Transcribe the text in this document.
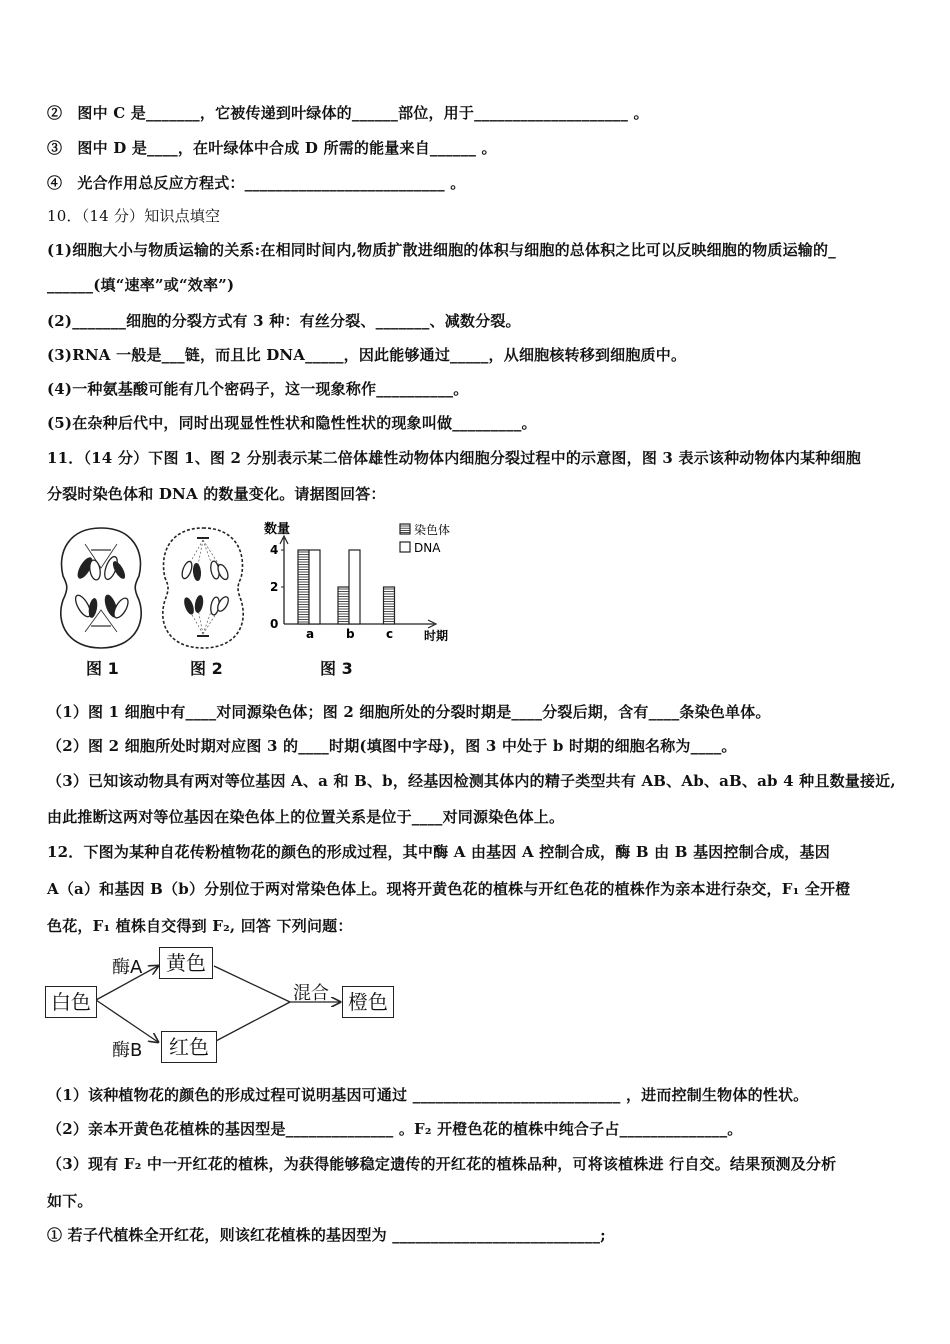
②　图中 C 是_______，它被传递到叶绿体的______部位，用于____________________ 。
③　图中 D 是____，在叶绿体中合成 D 所需的能量来自______ 。
④　光合作用总反应方程式：__________________________ 。
10．（14 分）知识点填空
(1)细胞大小与物质运输的关系:在相同时间内,物质扩散进细胞的体积与细胞的总体积之比可以反映细胞的物质运输的_
______(填“速率”或“效率”)
(2)_______细胞的分裂方式有 3 种：有丝分裂、_______、减数分裂。
(3)RNA 一般是___链，而且比 DNA_____，因此能够通过_____，从细胞核转移到细胞质中。
(4)一种氨基酸可能有几个密码子，这一现象称作__________。
(5)在杂种后代中，同时出现显性性状和隐性性状的现象叫做_________。
11．（14 分）下图 1、图 2 分别表示某二倍体雄性动物体内细胞分裂过程中的示意图，图 3 表示该种动物体内某种细胞
分裂时染色体和 DNA 的数量变化。请据图回答：
图 1	图 2
数量
时期
0
2
4
a	b	c
染色体
DNA
图 3
（1）图 1 细胞中有____对同源染色体；图 2 细胞所处的分裂时期是____分裂后期，含有____条染色单体。
（2）图 2 细胞所处时期对应图 3 的____时期(填图中字母)，图 3 中处于 b 时期的细胞名称为____。
（3）已知该动物具有两对等位基因 A、a 和 B、b，经基因检测其体内的精子类型共有 AB、Ab、aB、ab 4 种且数量接近,
由此推断这两对等位基因在染色体上的位置关系是位于____对同源染色体上。
12．下图为某种自花传粉植物花的颜色的形成过程，其中酶 A 由基因 A 控制合成，酶 B 由 B 基因控制合成，基因
A（a）和基因 B（b）分别位于两对常染色体上。现将开黄色花的植株与开红色花的植株作为亲本进行杂交，F₁ 全开橙
色花，F₁ 植株自交得到 F₂, 回答 下列问题：
白色
黄色
红色
橙色
酶A
酶B
混合
（1）该种植物花的颜色的形成过程可说明基因可通过 ___________________________ ，进而控制生物体的性状。
（2）亲本开黄色花植株的基因型是______________ 。F₂ 开橙色花的植株中纯合子占______________。
（3）现有 F₂ 中一开红花的植株，为获得能够稳定遗传的开红花的植株品种，可将该植株进 行自交。结果预测及分析
如下。
① 若子代植株全开红花，则该红花植株的基因型为 ___________________________;
